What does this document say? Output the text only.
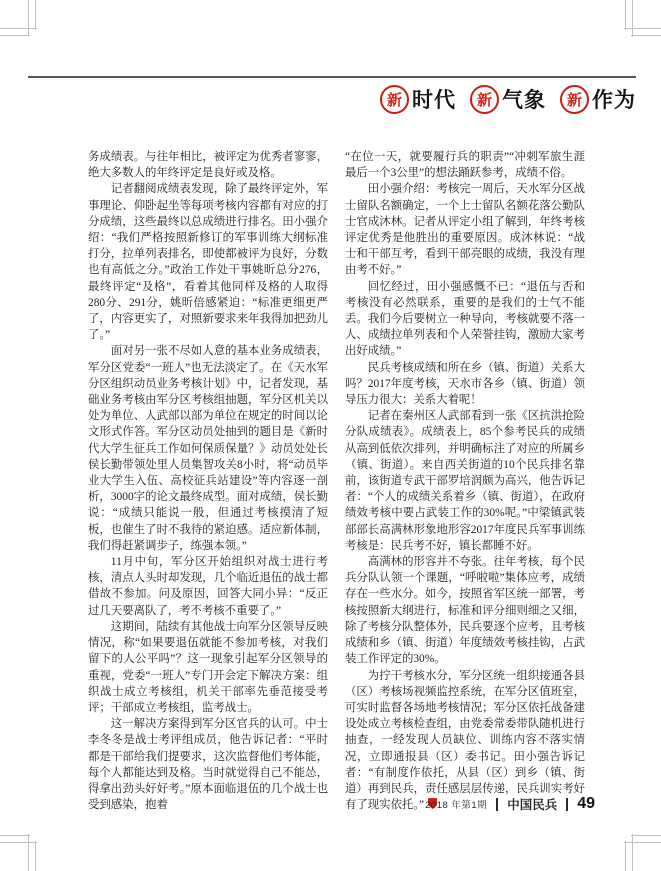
新 时代	新 气象	新 作为

务成绩表。与往年相比，被评定为优秀者寥寥，绝大多数人的年终评定是良好或及格。

记者翻阅成绩表发现，除了最终评定外，军事理论、仰卧起坐等每项考核内容都有对应的打分成绩，这些最终以总成绩进行排名。田小强介绍：“我们严格按照新修订的军事训练大纲标准打分，拉单列表排名，即使都被评为良好，分数也有高低之分。”政治工作处干事姚昕总分276，最终评定“及格”，看着其他同样及格的人取得280分、291分，姚昕倍感紧迫：“标准更细更严了，内容更实了，对照新要求来年我得加把劲儿了。”

面对另一张不尽如人意的基本业务成绩表，军分区党委“一班人”也无法淡定了。在《天水军分区组织动员业务考核计划》中，记者发现，基础业务考核由军分区考核组抽题，军分区机关以处为单位、人武部以部为单位在规定的时间以论文形式作答。军分区动员处抽到的题目是《新时代大学生征兵工作如何保质保量？》动员处处长侯长勤带领处里人员集智攻关8小时，将“动员毕业大学生入伍、高校征兵站建设”等内容逐一剖析，3000字的论文最终成型。面对成绩，侯长勤说：“成绩只能说一般，但通过考核摸清了短板，也催生了时不我待的紧迫感。适应新体制，我们得赶紧调步子，练强本领。”

11月中旬，军分区开始组织对战士进行考核，清点人头时却发现，几个临近退伍的战士都借故不参加。问及原因，回答大同小异：“反正过几天要离队了，考不考核不重要了。”

这期间，陆续有其他战士向军分区领导反映情况，称“如果要退伍就能不参加考核，对我们留下的人公平吗”？这一现象引起军分区领导的重视，党委“一班人”专门开会定下解决方案：组织战士成立考核组，机关干部率先垂范接受考评；干部成立考核组，监考战士。

这一解决方案得到军分区官兵的认可。中士李冬冬是战士考评组成员，他告诉记者：“平时都是干部给我们提要求，这次监督他们考体能，每个人都能达到及格。当时就觉得自己不能怂，得拿出劲头好好考。”原本面临退伍的几个战士也受到感染，抱着

“在位一天，就要履行兵的职责”“冲刺军旅生涯最后一个3公里”的想法踊跃参考，成绩不俗。

田小强介绍：考核完一周后，天水军分区战士留队名额确定，一个上士留队名额花落公勤队士官成沐林。记者从评定小组了解到，年终考核评定优秀是他胜出的重要原因。成沐林说：“战士和干部互考，看到干部亮眼的成绩，我没有理由考不好。”

回忆经过，田小强感慨不已：“退伍与否和考核没有必然联系，重要的是我们的士气不能丢。我们今后要树立一种导向，考核就要不落一人、成绩拉单列表和个人荣誉挂钩，激励大家考出好成绩。”

民兵考核成绩和所在乡（镇、街道）关系大吗？2017年度考核，天水市各乡（镇、街道）领导压力很大：关系大着呢！

记者在秦州区人武部看到一张《区抗洪抢险分队成绩表》。成绩表上，85个参考民兵的成绩从高到低依次排列，并明确标注了对应的所属乡（镇、街道）。来自西关街道的10个民兵排名靠前，该街道专武干部罗培润颇为高兴，他告诉记者：“个人的成绩关系着乡（镇、街道），在政府绩效考核中要占武装工作的30%呢。”中梁镇武装部部长高满林形象地形容2017年度民兵军事训练考核是：民兵考不好，镇长都睡不好。

高满林的形容并不夸张。往年考核，每个民兵分队认领一个课题，“呼啦啦”集体应考，成绩存在一些水分。如今，按照省军区统一部署，考核按照新大纲进行，标准和评分细则细之又细，除了考核分队整体外，民兵要逐个应考，且考核成绩和乡（镇、街道）年度绩效考核挂钩，占武装工作评定的30%。

为拧干考核水分，军分区统一组织接通各县（区）考核场视频监控系统，在军分区值班室，可实时监督各场地考核情况；军分区依托战备建设处成立考核检查组，由党委常委带队随机进行抽查，一经发现人员缺位、训练内容不落实情况，立即通报县（区）委书记。田小强告诉记者：“有制度作依托，从县（区）到乡（镇、街道）再到民兵，责任感层层传递，民兵训实考好有了现实依托。” 2018 年第1期 中国民兵 49
